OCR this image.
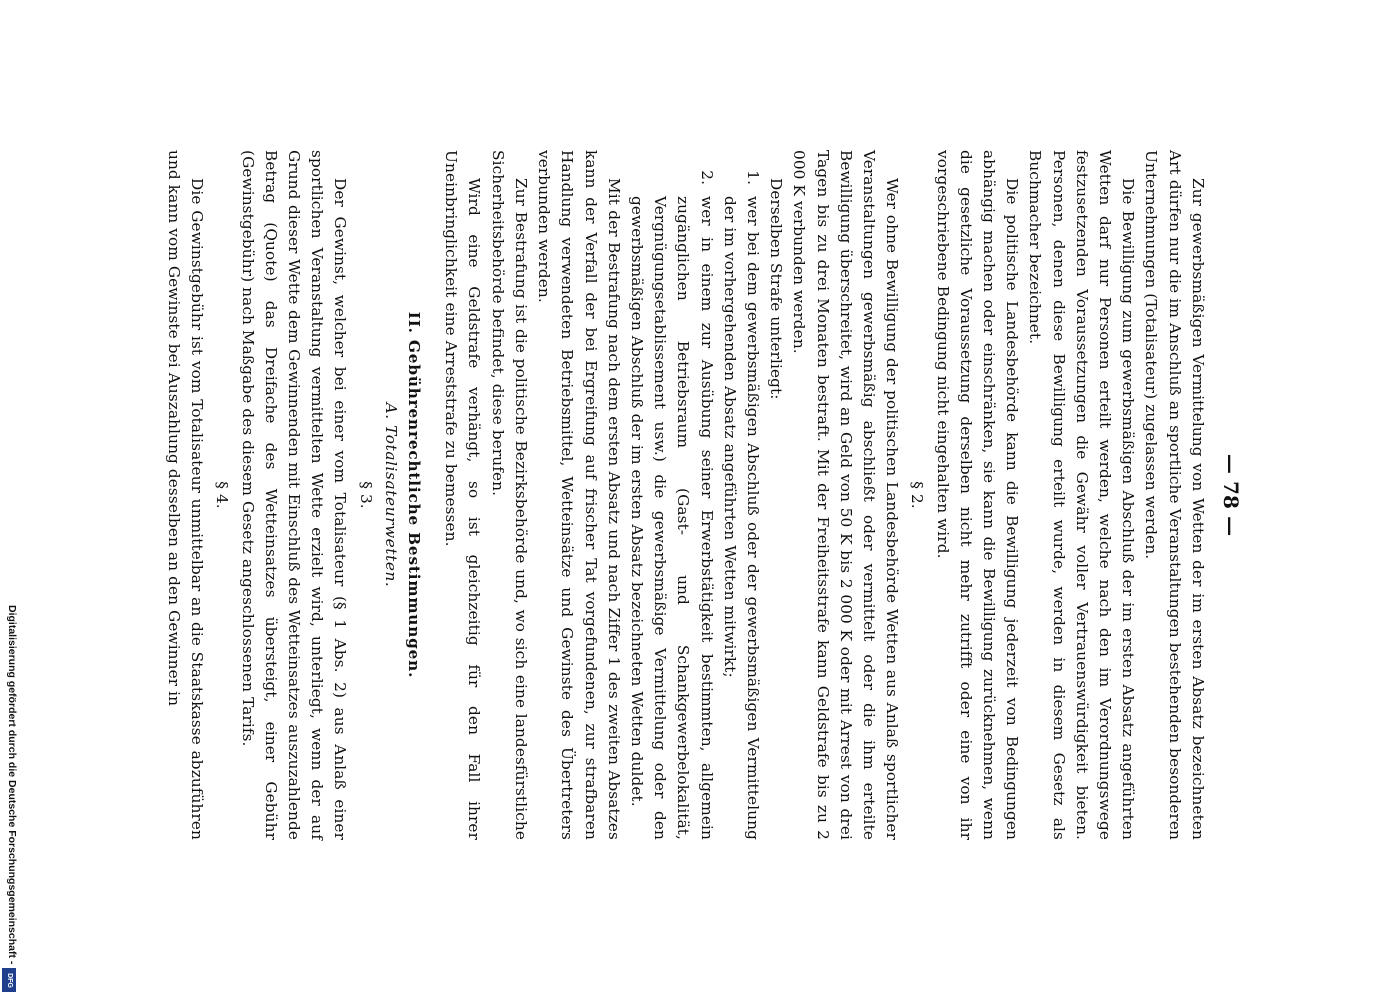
— 78 —

Zur gewerbsmäßigen Vermittelung von Wetten der im ersten Absatz bezeichneten Art dürfen nur die im Anschluß an sportliche Veranstaltungen bestehenden besonderen Unternehmungen (Totalisateur) zugelassen werden.

Die Bewilligung zum gewerbsmäßigen Abschluß der im ersten Absatz angeführten Wetten darf nur Personen erteilt werden, welche nach den im Verordnungswege festzusetzenden Voraussetzungen die Gewähr voller Vertrauenswürdigkeit bieten. Personen, denen diese Bewilligung erteilt wurde, werden in diesem Gesetz als Buchmacher bezeichnet.

Die politische Landesbehörde kann die Bewilligung jederzeit von Bedingungen abhängig machen oder einschränken, sie kann die Bewilligung zurücknehmen, wenn die gesetzliche Voraussetzung derselben nicht mehr zutrifft oder eine von ihr vorgeschriebene Bedingung nicht eingehalten wird.

§ 2.

Wer ohne Bewilligung der politischen Landesbehörde Wetten aus Anlaß sportlicher Veranstaltungen gewerbsmäßig abschließt oder vermittelt oder die ihm erteilte Bewilligung überschreitet, wird an Geld von 50 K bis 2 000 K oder mit Arrest von drei Tagen bis zu drei Monaten bestraft. Mit der Freiheitsstrafe kann Geldstrafe bis zu 2 000 K verbunden werden.

Derselben Strafe unterliegt:

1. wer bei dem gewerbsmäßigen Abschluß oder der gewerbsmäßigen Vermittelung der im vorhergehenden Absatz angeführten Wetten mitwirkt;
2. wer in einem zur Ausübung seiner Erwerbstätigkeit bestimmten, allgemein zugänglichen Betriebsraum (Gast- und Schankgewerbelokalität, Vergnügungsetablissement usw.) die gewerbsmäßige Vermittelung oder den gewerbsmäßigen Abschluß der im ersten Absatz bezeichneten Wetten duldet.

Mit der Bestrafung nach dem ersten Absatz und nach Ziffer 1 des zweiten Absatzes kann der Verfall der bei Ergreifung auf frischer Tat vorgefundenen, zur strafbaren Handlung verwendeten Betriebsmittel, Wetteinsätze und Gewinste des Übertreters verbunden werden.

Zur Bestrafung ist die politische Bezirksbehörde und, wo sich eine landesfürstliche Sicherheitsbehörde befindet, diese berufen.

Wird eine Geldstrafe verhängt, so ist gleichzeitig für den Fall ihrer Uneinbringlichkeit eine Arreststrafe zu bemessen.

II. Gebührenrechtliche Bestimmungen.
A. Totalisateurwetten.
§ 3.

Der Gewinst, welcher bei einer vom Totalisateur (§ 1 Abs. 2) aus Anlaß einer sportlichen Veranstaltung vermittelten Wette erzielt wird, unterliegt, wenn der auf Grund dieser Wette dem Gewinnenden mit Einschluß des Wetteinsatzes auszuzahlende Betrag (Quote) das Dreifache des Wetteinsatzes übersteigt, einer Gebühr (Gewinstgebühr) nach Maßgabe des diesem Gesetz angeschlossenen Tarifs.

§ 4.

Die Gewinstgebühr ist vom Totalisateur unmittelbar an die Staatskasse abzuführen und kann vom Gewinste bei Auszahlung desselben an den Gewinner in

Digitalisierung gefördert durch die Deutsche Forschungsgemeinschaft -
DFG
